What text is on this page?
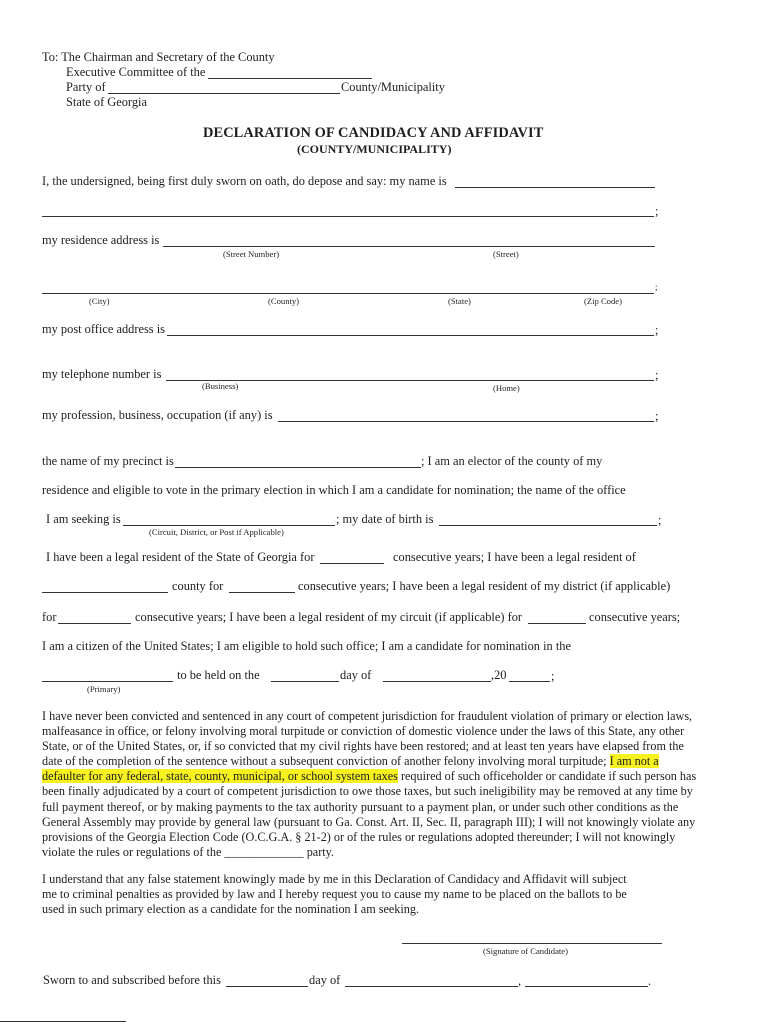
To: The Chairman and Secretary of the County
Executive Committee of the
Party of	County/Municipality
State of Georgia
DECLARATION OF CANDIDACY AND AFFIDAVIT
(COUNTY/MUNICIPALITY)
I, the undersigned, being first duly sworn on oath, do depose and say: my name is
;
my residence address is
(Street Number)	(Street)
;
(City)	(County)	(State)	(Zip Code)
my post office address is	;
my telephone number is	;
(Business)	(Home)
my profession, business, occupation (if any) is	;
the name of my precinct is	; I am an elector of the county of my
residence and eligible to vote in the primary election in which I am a candidate for nomination; the name of the office
I am seeking is	; my date of birth is	;
(Circuit, District, or Post if Applicable)
I have been a legal resident of the State of Georgia for	consecutive years; I have been a legal resident of
county for	consecutive years; I have been a legal resident of my district (if applicable)
for	consecutive years; I have been a legal resident of my circuit (if applicable) for	consecutive years;
I am a citizen of the United States; I am eligible to hold such office; I am a candidate for nomination in the
to be held on the	day of	,20	;
(Primary)
I have never been convicted and sentenced in any court of competent jurisdiction for fraudulent violation of primary or election laws, malfeasance in office, or felony involving moral turpitude or conviction of domestic violence under the laws of this State, any other State, or of the United States, or, if so convicted that my civil rights have been restored; and at least ten years have elapsed from the date of the completion of the sentence without a subsequent conviction of another felony involving moral turpitude; I am not a defaulter for any federal, state, county, municipal, or school system taxes required of such officeholder or candidate if such person has been finally adjudicated by a court of competent jurisdiction to owe those taxes, but such ineligibility may be removed at any time by full payment thereof, or by making payments to the tax authority pursuant to a payment plan, or under such other conditions as the General Assembly may provide by general law (pursuant to Ga. Const. Art. II, Sec. II, paragraph III); I will not knowingly violate any provisions of the Georgia Election Code (O.C.G.A. § 21-2) or of the rules or regulations adopted thereunder; I will not knowingly violate the rules or regulations of the _____________ party.
I understand that any false statement knowingly made by me in this Declaration of Candidacy and Affidavit will subject me to criminal penalties as provided by law and I hereby request you to cause my name to be placed on the ballots to be used in such primary election as a candidate for the nomination I am seeking.
(Signature of Candidate)
Sworn to and subscribed before this	day of	,	.
